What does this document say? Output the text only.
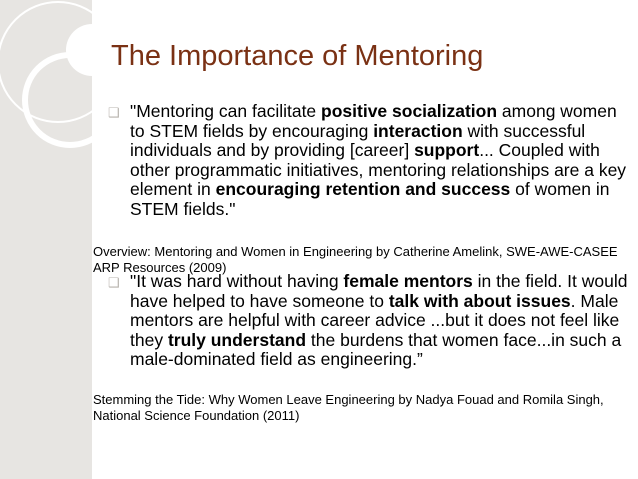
The Importance of Mentoring
❑ "Mentoring can facilitate positive socialization among women to STEM fields by encouraging interaction with successful individuals and by providing [career] support... Coupled with other programmatic initiatives, mentoring relationships are a key element in encouraging retention and success of women in STEM fields."
Overview: Mentoring and Women in Engineering by Catherine Amelink, SWE-AWE-CASEE ARP Resources (2009)
❑ "It was hard without having female mentors in the field. It would have helped to have someone to talk with about issues. Male mentors are helpful with career advice ...but it does not feel like they truly understand the burdens that women face...in such a male-dominated field as engineering.”
Stemming the Tide: Why Women Leave Engineering by Nadya Fouad and Romila Singh, National Science Foundation (2011)
